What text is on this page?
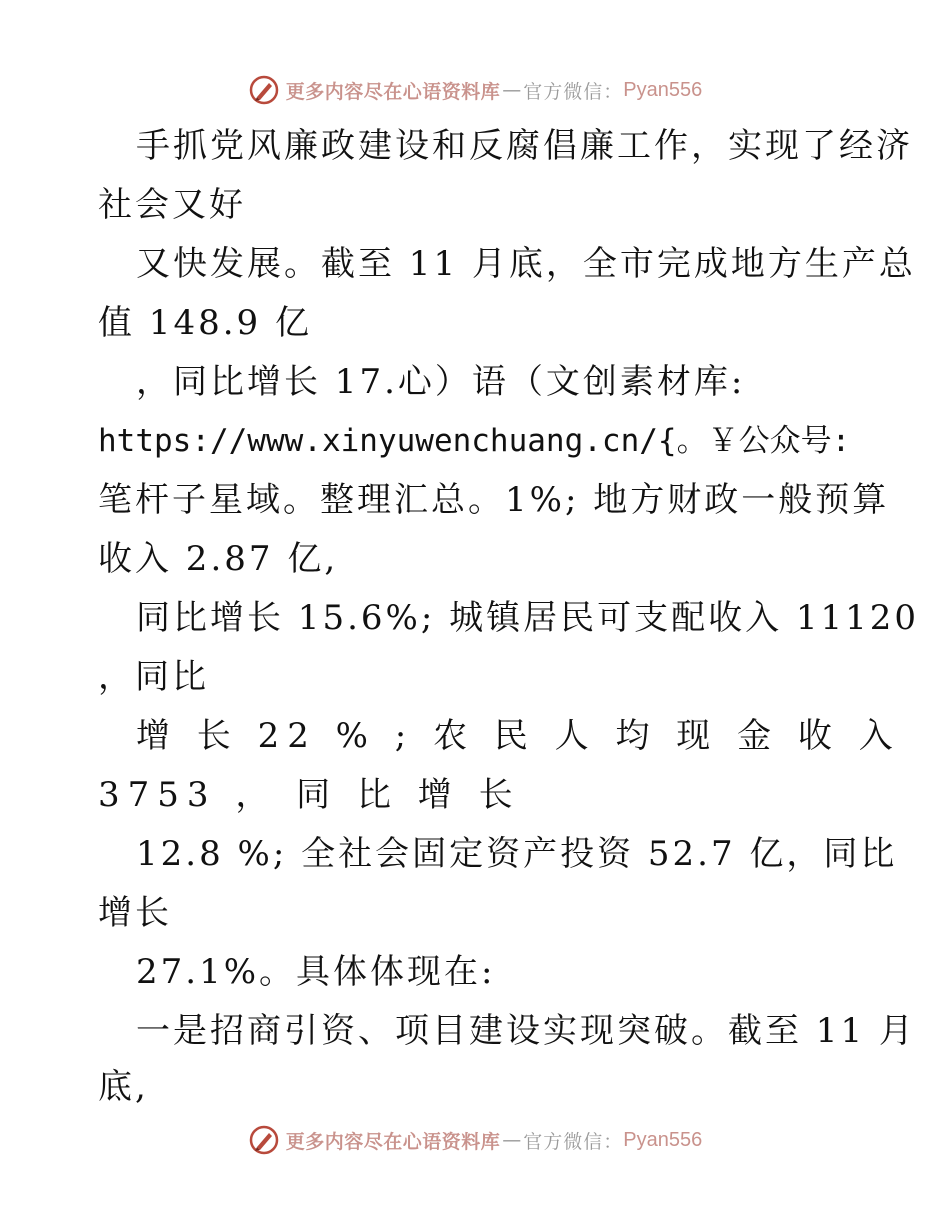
更多内容尽在心语资料库 — 官方微信： Pyan556
手抓党风廉政建设和反腐倡廉工作，实现了经济
社会又好
又快发展。截至 11 月底，全市完成地方生产总
值 148.9 亿
，同比增长 17.心）语（文创素材库:
https://www.xinyuwenchuang.cn/{。￥公众号:
笔杆子星域。整理汇总。1%; 地方财政一般预算
收入 2.87 亿,
同比增长 15.6%; 城镇居民可支配收入 11120
，同比
增 长 22 % ; 农 民 人 均 现 金 收 入
3753 ， 同 比 增 长
12.8 %; 全社会固定资产投资 52.7 亿，同比
增长
27.1%。具体体现在:
一是招商引资、项目建设实现突破。截至 11 月
底,
更多内容尽在心语资料库 — 官方微信： Pyan556
